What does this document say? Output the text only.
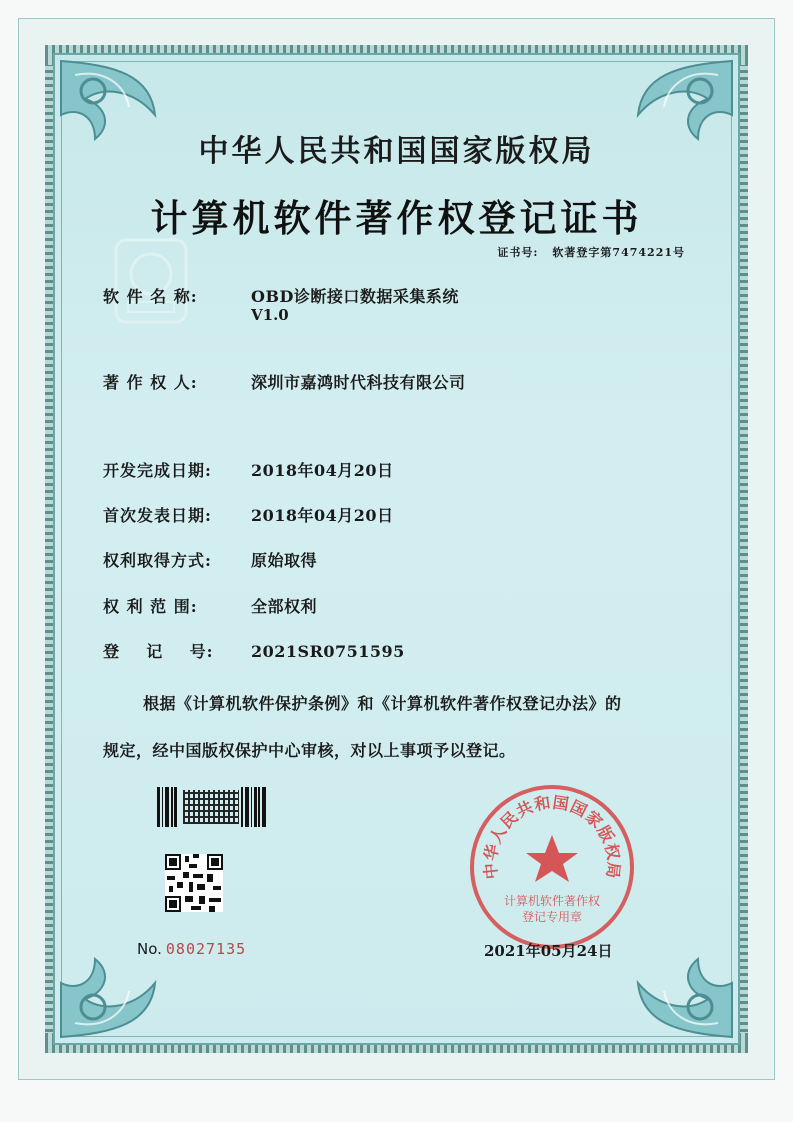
中华人民共和国国家版权局
计算机软件著作权登记证书
证书号: 软著登字第7474221号
软 件 名 称:	OBD诊断接口数据采集系统
V1.0
著 作 权 人:	深圳市嘉鸿时代科技有限公司
开发完成日期: 2018年04月20日
首次发表日期: 2018年04月20日
权利取得方式: 原始取得
权 利 范 围:	全部权利
登    记    号: 2021SR0751595
根据《计算机软件保护条例》和《计算机软件著作权登记办法》的
规定，经中国版权保护中心审核，对以上事项予以登记。
No. 08027135
中华人民共和国国家版权局
计算机软件著作权
登记专用章
2021年05月24日
